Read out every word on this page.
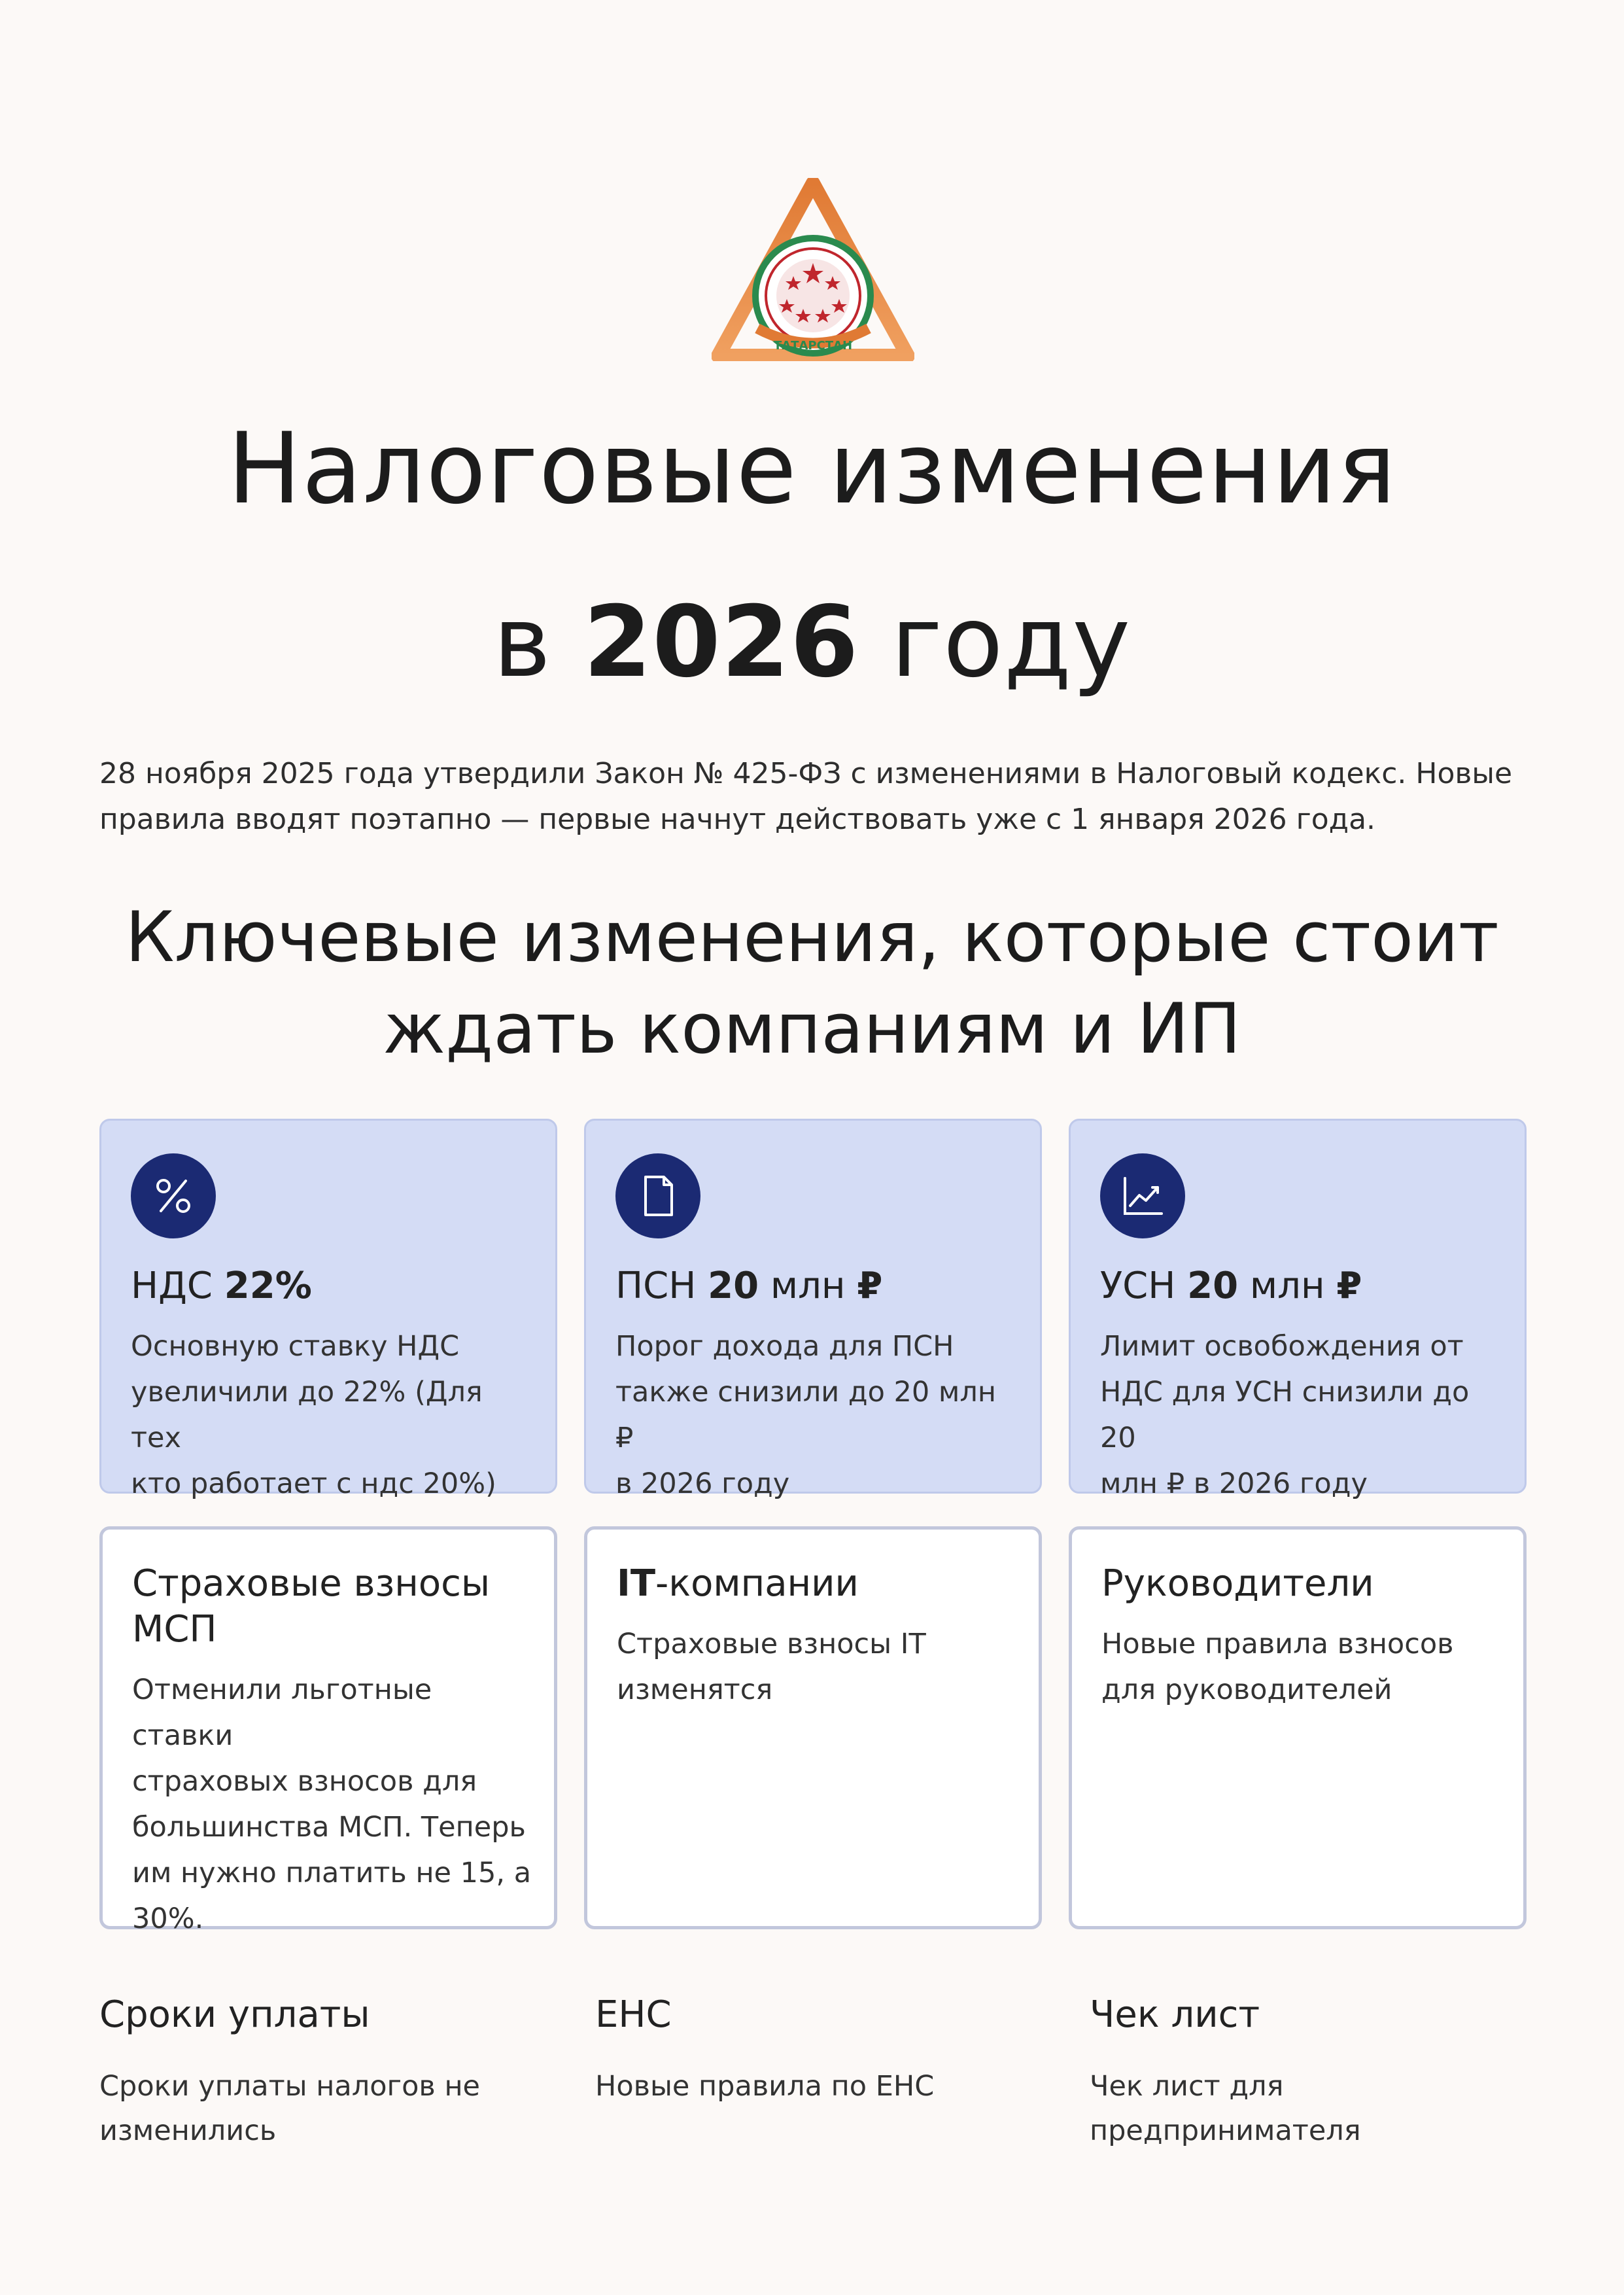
ТАТАРСТАН
Налоговые изменения
в 2026 году

28 ноября 2025 года утвердили Закон № 425-ФЗ с изменениями в Налоговый кодекс. Новые

правила вводят поэтапно — первые начнут действовать уже с 1 января 2026 года.

Ключевые изменения, которые стоит
ждать компаниям и ИП
НДС 22%
Основную ставку НДС
увеличили до 22% (Для тех
кто работает с ндс 20%)
ПСН 20 млн ₽
Порог дохода для ПСН
также снизили до 20 млн ₽
в 2026 году
УСН 20 млн ₽
Лимит освобождения от
НДС для УСН снизили до 20
млн ₽ в 2026 году
Страховые взносы
МСП
Отменили льготные ставки
страховых взносов для
большинства МСП. Теперь
им нужно платить не 15, а
30%.
IT-компании
Страховые взносы IT
изменятся
Руководители
Новые правила взносов
для руководителей
Сроки уплаты
Сроки уплаты налогов не
изменились
ЕНС
Новые правила по ЕНС
Чек лист
Чек лист для
предпринимателя
